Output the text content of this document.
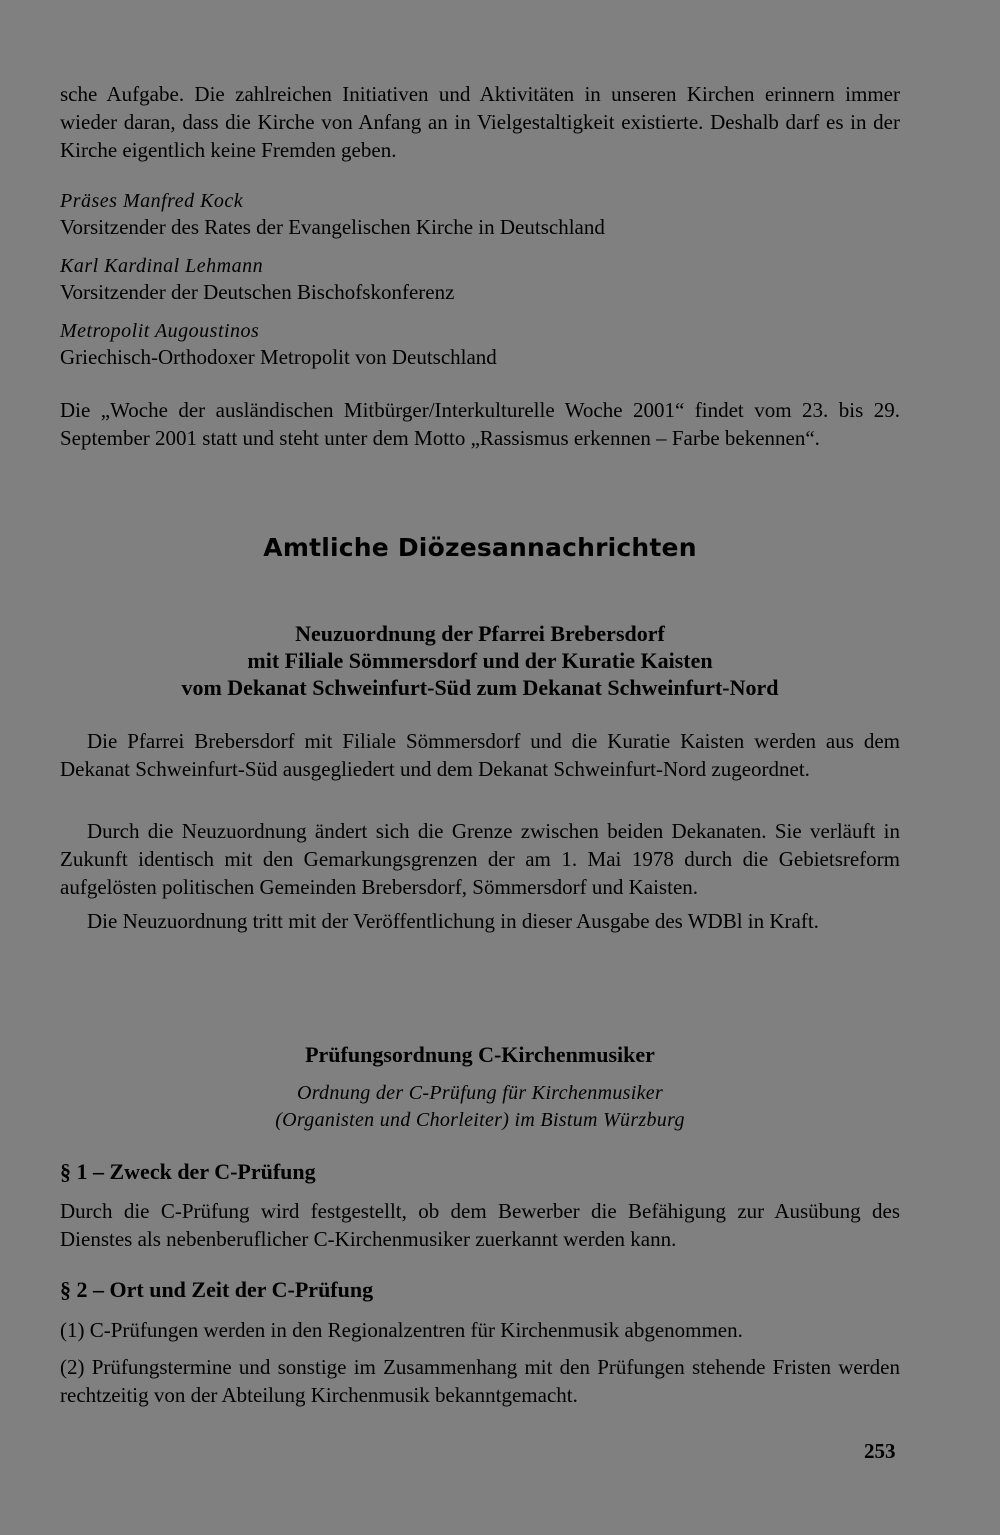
sche Aufgabe. Die zahlreichen Initiativen und Aktivitäten in unseren Kirchen erinnern immer wieder daran, dass die Kirche von Anfang an in Vielgestaltigkeit existierte. Deshalb darf es in der Kirche eigentlich keine Fremden geben.

Präses Manfred Kock
Vorsitzender des Rates der Evangelischen Kirche in Deutschland
Karl Kardinal Lehmann
Vorsitzender der Deutschen Bischofskonferenz
Metropolit Augoustinos
Griechisch-Orthodoxer Metropolit von Deutschland

Die „Woche der ausländischen Mitbürger/Interkulturelle Woche 2001“ findet vom 23. bis 29. September 2001 statt und steht unter dem Motto „Rassismus erkennen – Farbe bekennen“.

Amtliche Diözesannachrichten
Neuzuordnung der Pfarrei Brebersdorf
mit Filiale Sömmersdorf und der Kuratie Kaisten
vom Dekanat Schweinfurt-Süd zum Dekanat Schweinfurt-Nord

Die Pfarrei Brebersdorf mit Filiale Sömmersdorf und die Kuratie Kaisten werden aus dem Dekanat Schweinfurt-Süd ausgegliedert und dem Dekanat Schweinfurt-Nord zugeordnet.

Durch die Neuzuordnung ändert sich die Grenze zwischen beiden Dekanaten. Sie verläuft in Zukunft identisch mit den Gemarkungsgrenzen der am 1. Mai 1978 durch die Gebietsreform aufgelösten politischen Gemeinden Brebersdorf, Sömmersdorf und Kaisten.

Die Neuzuordnung tritt mit der Veröffentlichung in dieser Ausgabe des WDBl in Kraft.

Prüfungsordnung C-Kirchenmusiker
Ordnung der C-Prüfung für Kirchenmusiker
(Organisten und Chorleiter) im Bistum Würzburg
§ 1 – Zweck der C-Prüfung

Durch die C-Prüfung wird festgestellt, ob dem Bewerber die Befähigung zur Ausübung des Dienstes als nebenberuflicher C-Kirchenmusiker zuerkannt werden kann.

§ 2 – Ort und Zeit der C-Prüfung

(1) C-Prüfungen werden in den Regionalzentren für Kirchenmusik abgenommen.

(2) Prüfungstermine und sonstige im Zusammenhang mit den Prüfungen stehende Fristen werden rechtzeitig von der Abteilung Kirchenmusik bekanntgemacht.

253
